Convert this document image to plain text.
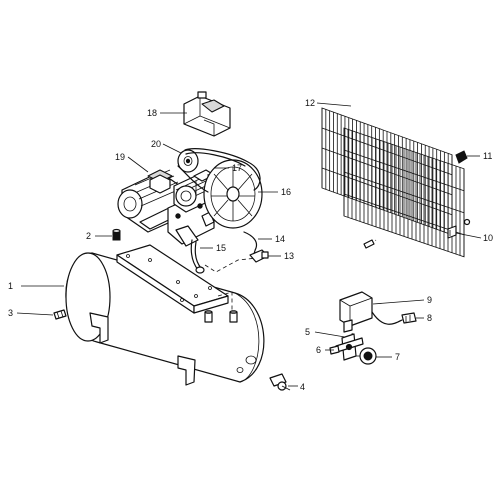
1
2
3
4
5
6
7
8
9
10
11
12
13
14
15
16
17
18
19
20
